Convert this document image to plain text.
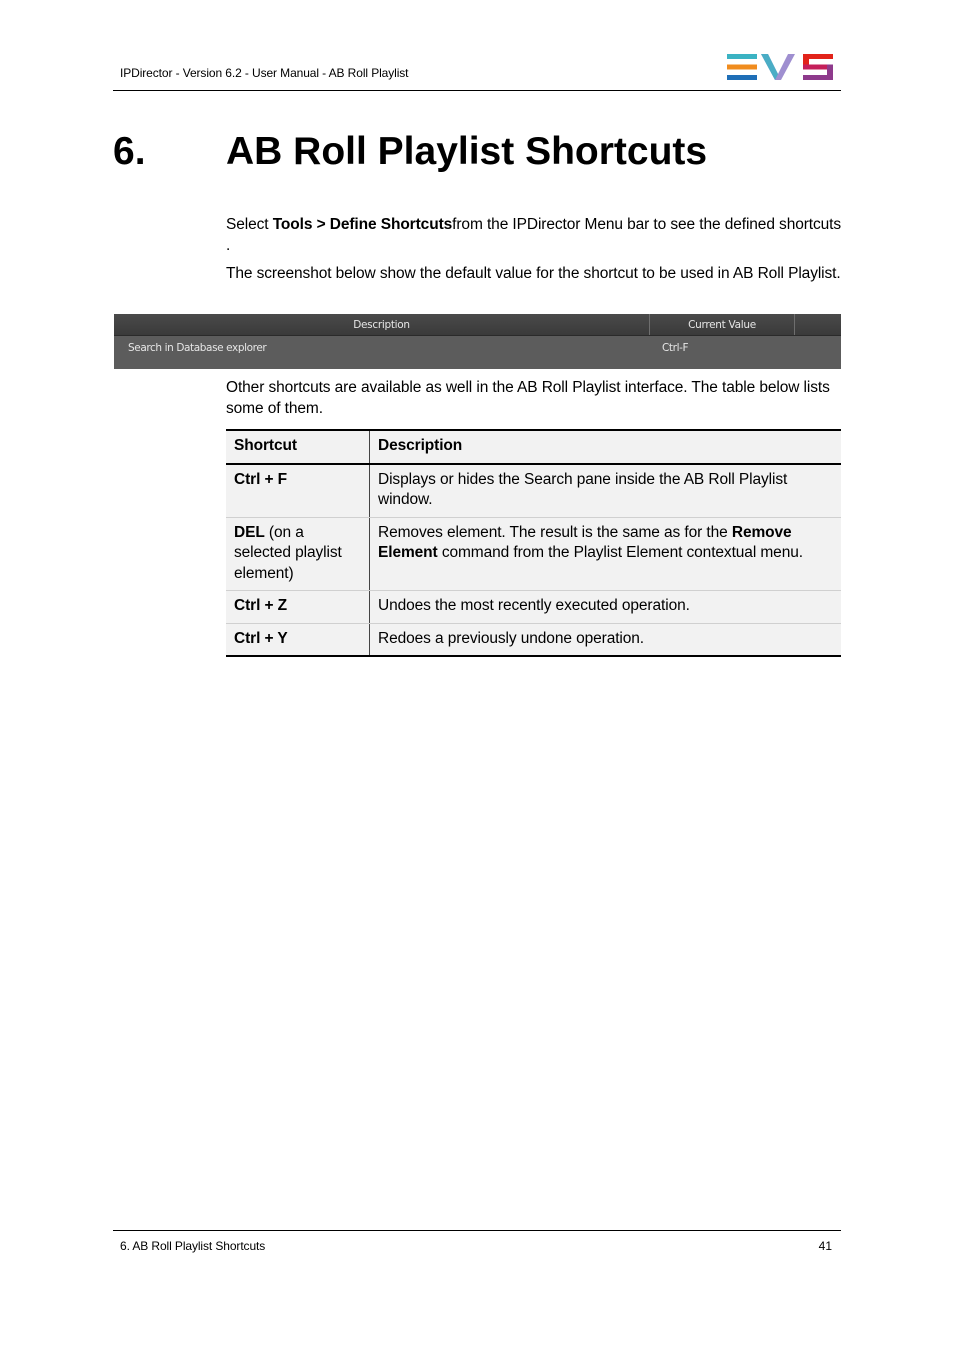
IPDirector - Version 6.2 - User Manual - AB Roll Playlist
6. AB Roll Playlist Shortcuts

Select Tools > Define Shortcutsfrom the IPDirector Menu bar to see the defined shortcuts .

The screenshot below show the default value for the shortcut to be used in AB Roll Playlist.

Description	Current Value
Search in Database explorer	Ctrl-F

Other shortcuts are available as well in the AB Roll Playlist interface. The table below lists some of them.

Shortcut	Description
Ctrl + F	Displays or hides the Search pane inside the AB Roll Playlist window.
DEL (on a selected playlist element)	Removes element. The result is the same as for the Remove Element command from the Playlist Element contextual menu.
Ctrl + Z	Undoes the most recently executed operation.
Ctrl + Y	Redoes a previously undone operation.
6. AB Roll Playlist Shortcuts	41
